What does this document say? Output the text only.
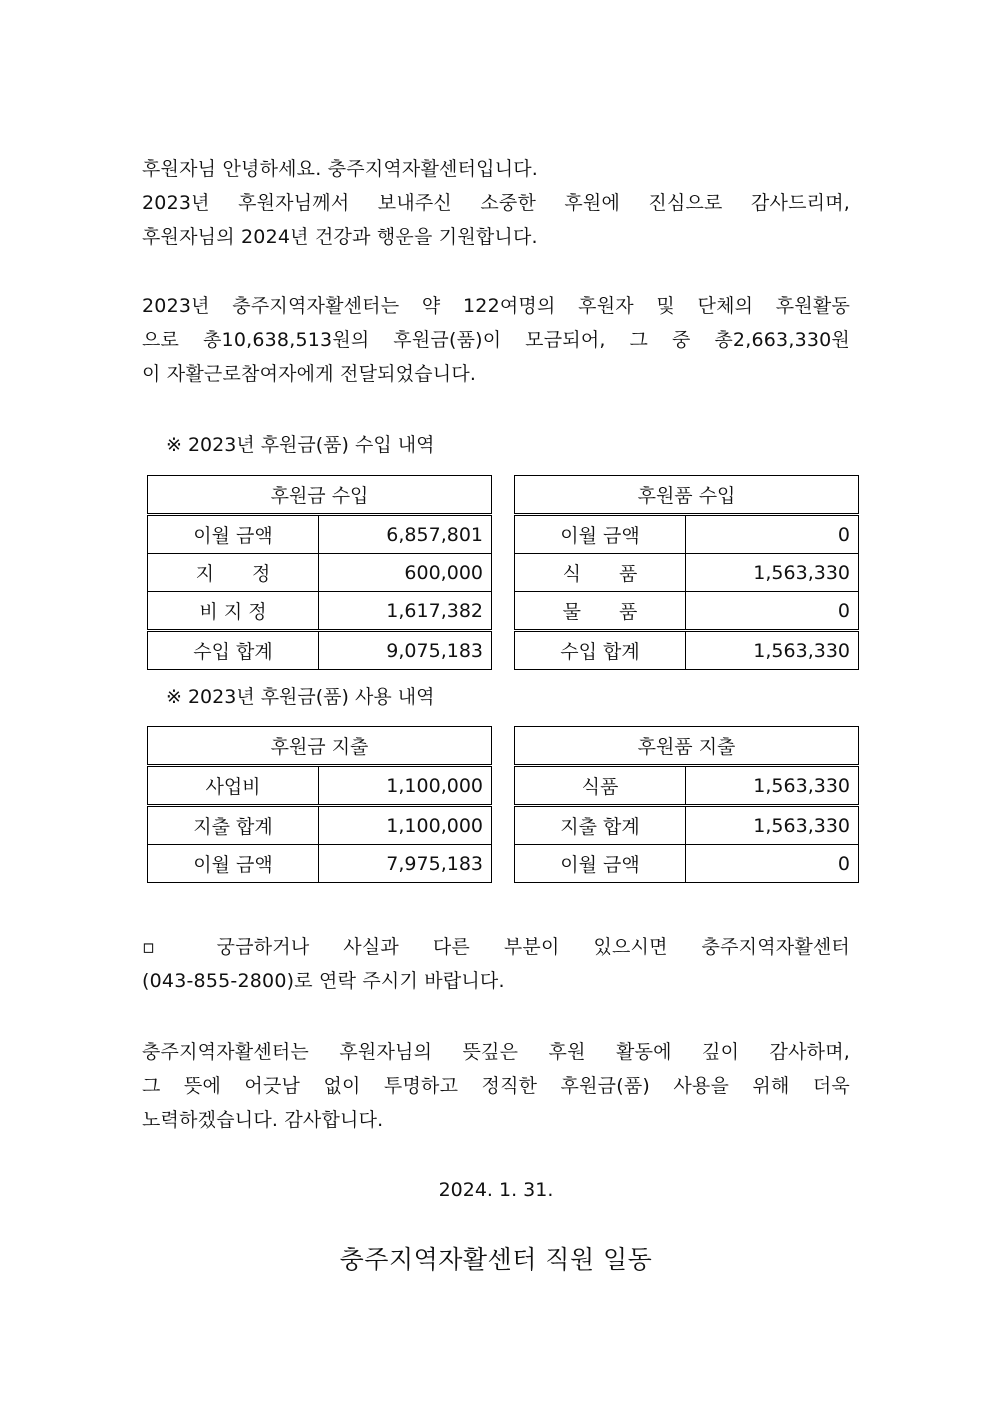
후원자님 안녕하세요. 충주지역자활센터입니다.
2023년 후원자님께서 보내주신 소중한 후원에 진심으로 감사드리며,
후원자님의 2024년 건강과 행운을 기원합니다.
2023년 충주지역자활센터는 약 122여명의 후원자 및 단체의 후원활동
으로 총10,638,513원의 후원금(품)이 모금되어, 그 중 총2,663,330원
이 자활근로참여자에게 전달되었습니다.
※ 2023년 후원금(품) 수입 내역
후원금 수입	
이월 금액	6,857,801
지　　정	600,000
비 지 정	1,617,382
수입 합계	9,075,183
후원품 수입	
이월 금액	0
식　　품	1,563,330
물　　품	0
수입 합계	1,563,330
※ 2023년 후원금(품) 사용 내역
후원금 지출	
사업비	1,100,000
지출 합계	1,100,000
이월 금액	7,975,183
후원품 지출	
식품	1,563,330
지출 합계	1,563,330
이월 금액	0
▫ 궁금하거나 사실과 다른 부분이 있으시면 충주지역자활센터
(043-855-2800)로 연락 주시기 바랍니다.
충주지역자활센터는 후원자님의 뜻깊은 후원 활동에 깊이 감사하며,
그 뜻에 어긋남 없이 투명하고 정직한 후원금(품) 사용을 위해 더욱
노력하겠습니다. 감사합니다.
2024. 1. 31.
충주지역자활센터 직원 일동
